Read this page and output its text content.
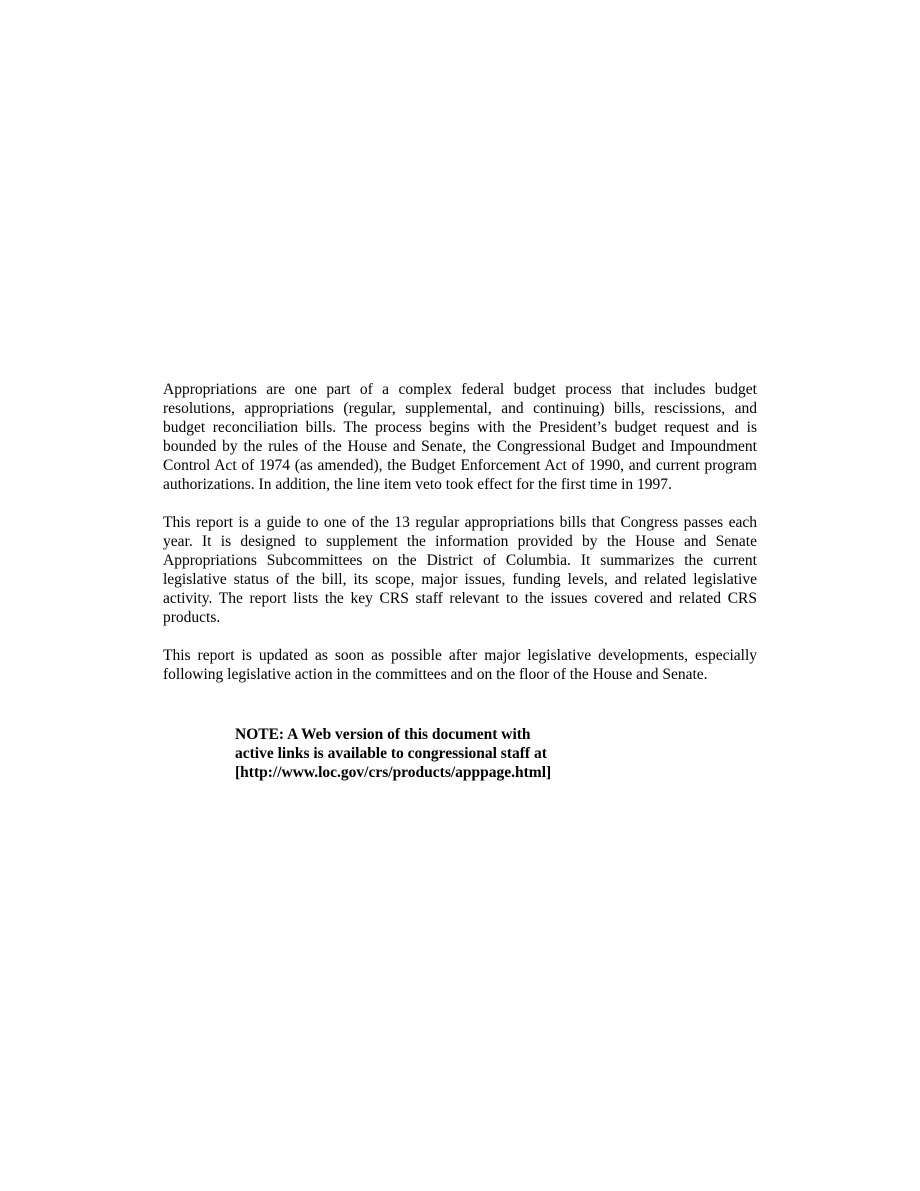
Appropriations are one part of a complex federal budget process that includes budget resolutions, appropriations (regular, supplemental, and continuing) bills, rescissions, and budget reconciliation bills. The process begins with the President’s budget request and is bounded by the rules of the House and Senate, the Congressional Budget and Impoundment Control Act of 1974 (as amended), the Budget Enforcement Act of 1990, and current program authorizations. In addition, the line item veto took effect for the first time in 1997.

This report is a guide to one of the 13 regular appropriations bills that Congress passes each year. It is designed to supplement the information provided by the House and Senate Appropriations Subcommittees on the District of Columbia. It summarizes the current legislative status of the bill, its scope, major issues, funding levels, and related legislative activity. The report lists the key CRS staff relevant to the issues covered and related CRS products.

This report is updated as soon as possible after major legislative developments, especially following legislative action in the committees and on the floor of the House and Senate.

NOTE: A Web version of this document with
active links is available to congressional staff at
[http://www.loc.gov/crs/products/apppage.html]
